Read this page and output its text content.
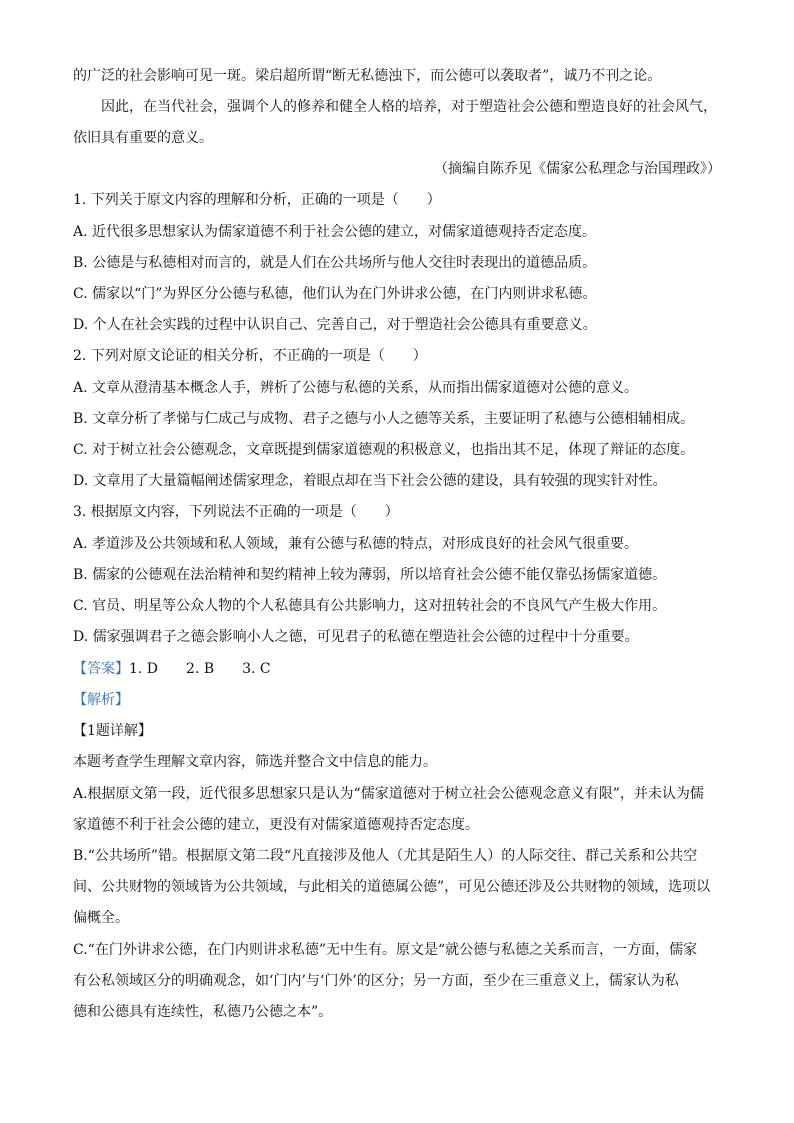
的广泛的社会影响可见一斑。梁启超所谓“断无私德浊下，而公德可以袭取者”，诚乃不刊之论。
因此，在当代社会，强调个人的修养和健全人格的培养，对于塑造社会公德和塑造良好的社会风气，
依旧具有重要的意义。
（摘编自陈乔见《儒家公私理念与治国理政》）
1. 下列关于原文内容的理解和分析，正确的一项是（　　）
A. 近代很多思想家认为儒家道德不利于社会公德的建立，对儒家道德观持否定态度。
B. 公德是与私德相对而言的，就是人们在公共场所与他人交往时表现出的道德品质。
C. 儒家以“门”为界区分公德与私德，他们认为在门外讲求公德，在门内则讲求私德。
D. 个人在社会实践的过程中认识自己、完善自己，对于塑造社会公德具有重要意义。
2. 下列对原文论证的相关分析，不正确的一项是（　　）
A. 文章从澄清基本概念人手，辨析了公德与私德的关系，从而指出儒家道德对公德的意义。
B. 文章分析了孝悌与仁成己与成物、君子之德与小人之德等关系，主要证明了私德与公德相辅相成。
C. 对于树立社会公德观念，文章既提到儒家道德观的积极意义，也指出其不足，体现了辩证的态度。
D. 文章用了大量篇幅阐述儒家理念，着眼点却在当下社会公德的建设，具有较强的现实针对性。
3. 根据原文内容，下列说法不正确的一项是（　　）
A. 孝道涉及公共领域和私人领域，兼有公德与私德的特点，对形成良好的社会风气很重要。
B. 儒家的公德观在法治精神和契约精神上较为薄弱，所以培育社会公德不能仅靠弘扬儒家道德。
C. 官员、明星等公众人物的个人私德具有公共影响力，这对扭转社会的不良风气产生极大作用。
D. 儒家强调君子之德会影响小人之德，可见君子的私德在塑造社会公德的过程中十分重要。
【答案】1. D　　2. B　　3. C
【解析】
【1题详解】
本题考查学生理解文章内容，筛选并整合文中信息的能力。
A.根据原文第一段，近代很多思想家只是认为“儒家道德对于树立社会公德观念意义有限”，并未认为儒
家道德不利于社会公德的建立，更没有对儒家道德观持否定态度。
B.“公共场所”错。根据原文第二段“凡直接涉及他人（尤其是陌生人）的人际交往、群己关系和公共空
间、公共财物的领域皆为公共领域，与此相关的道德属公德”，可见公德还涉及公共财物的领域，选项以
偏概全。
C.“在门外讲求公德，在门内则讲求私德”无中生有。原文是“就公德与私德之关系而言，一方面，儒家
有公私领域区分的明确观念，如‘门内’与‘门外’的区分；另一方面，至少在三重意义上，儒家认为私
德和公德具有连续性，私德乃公德之本”。
